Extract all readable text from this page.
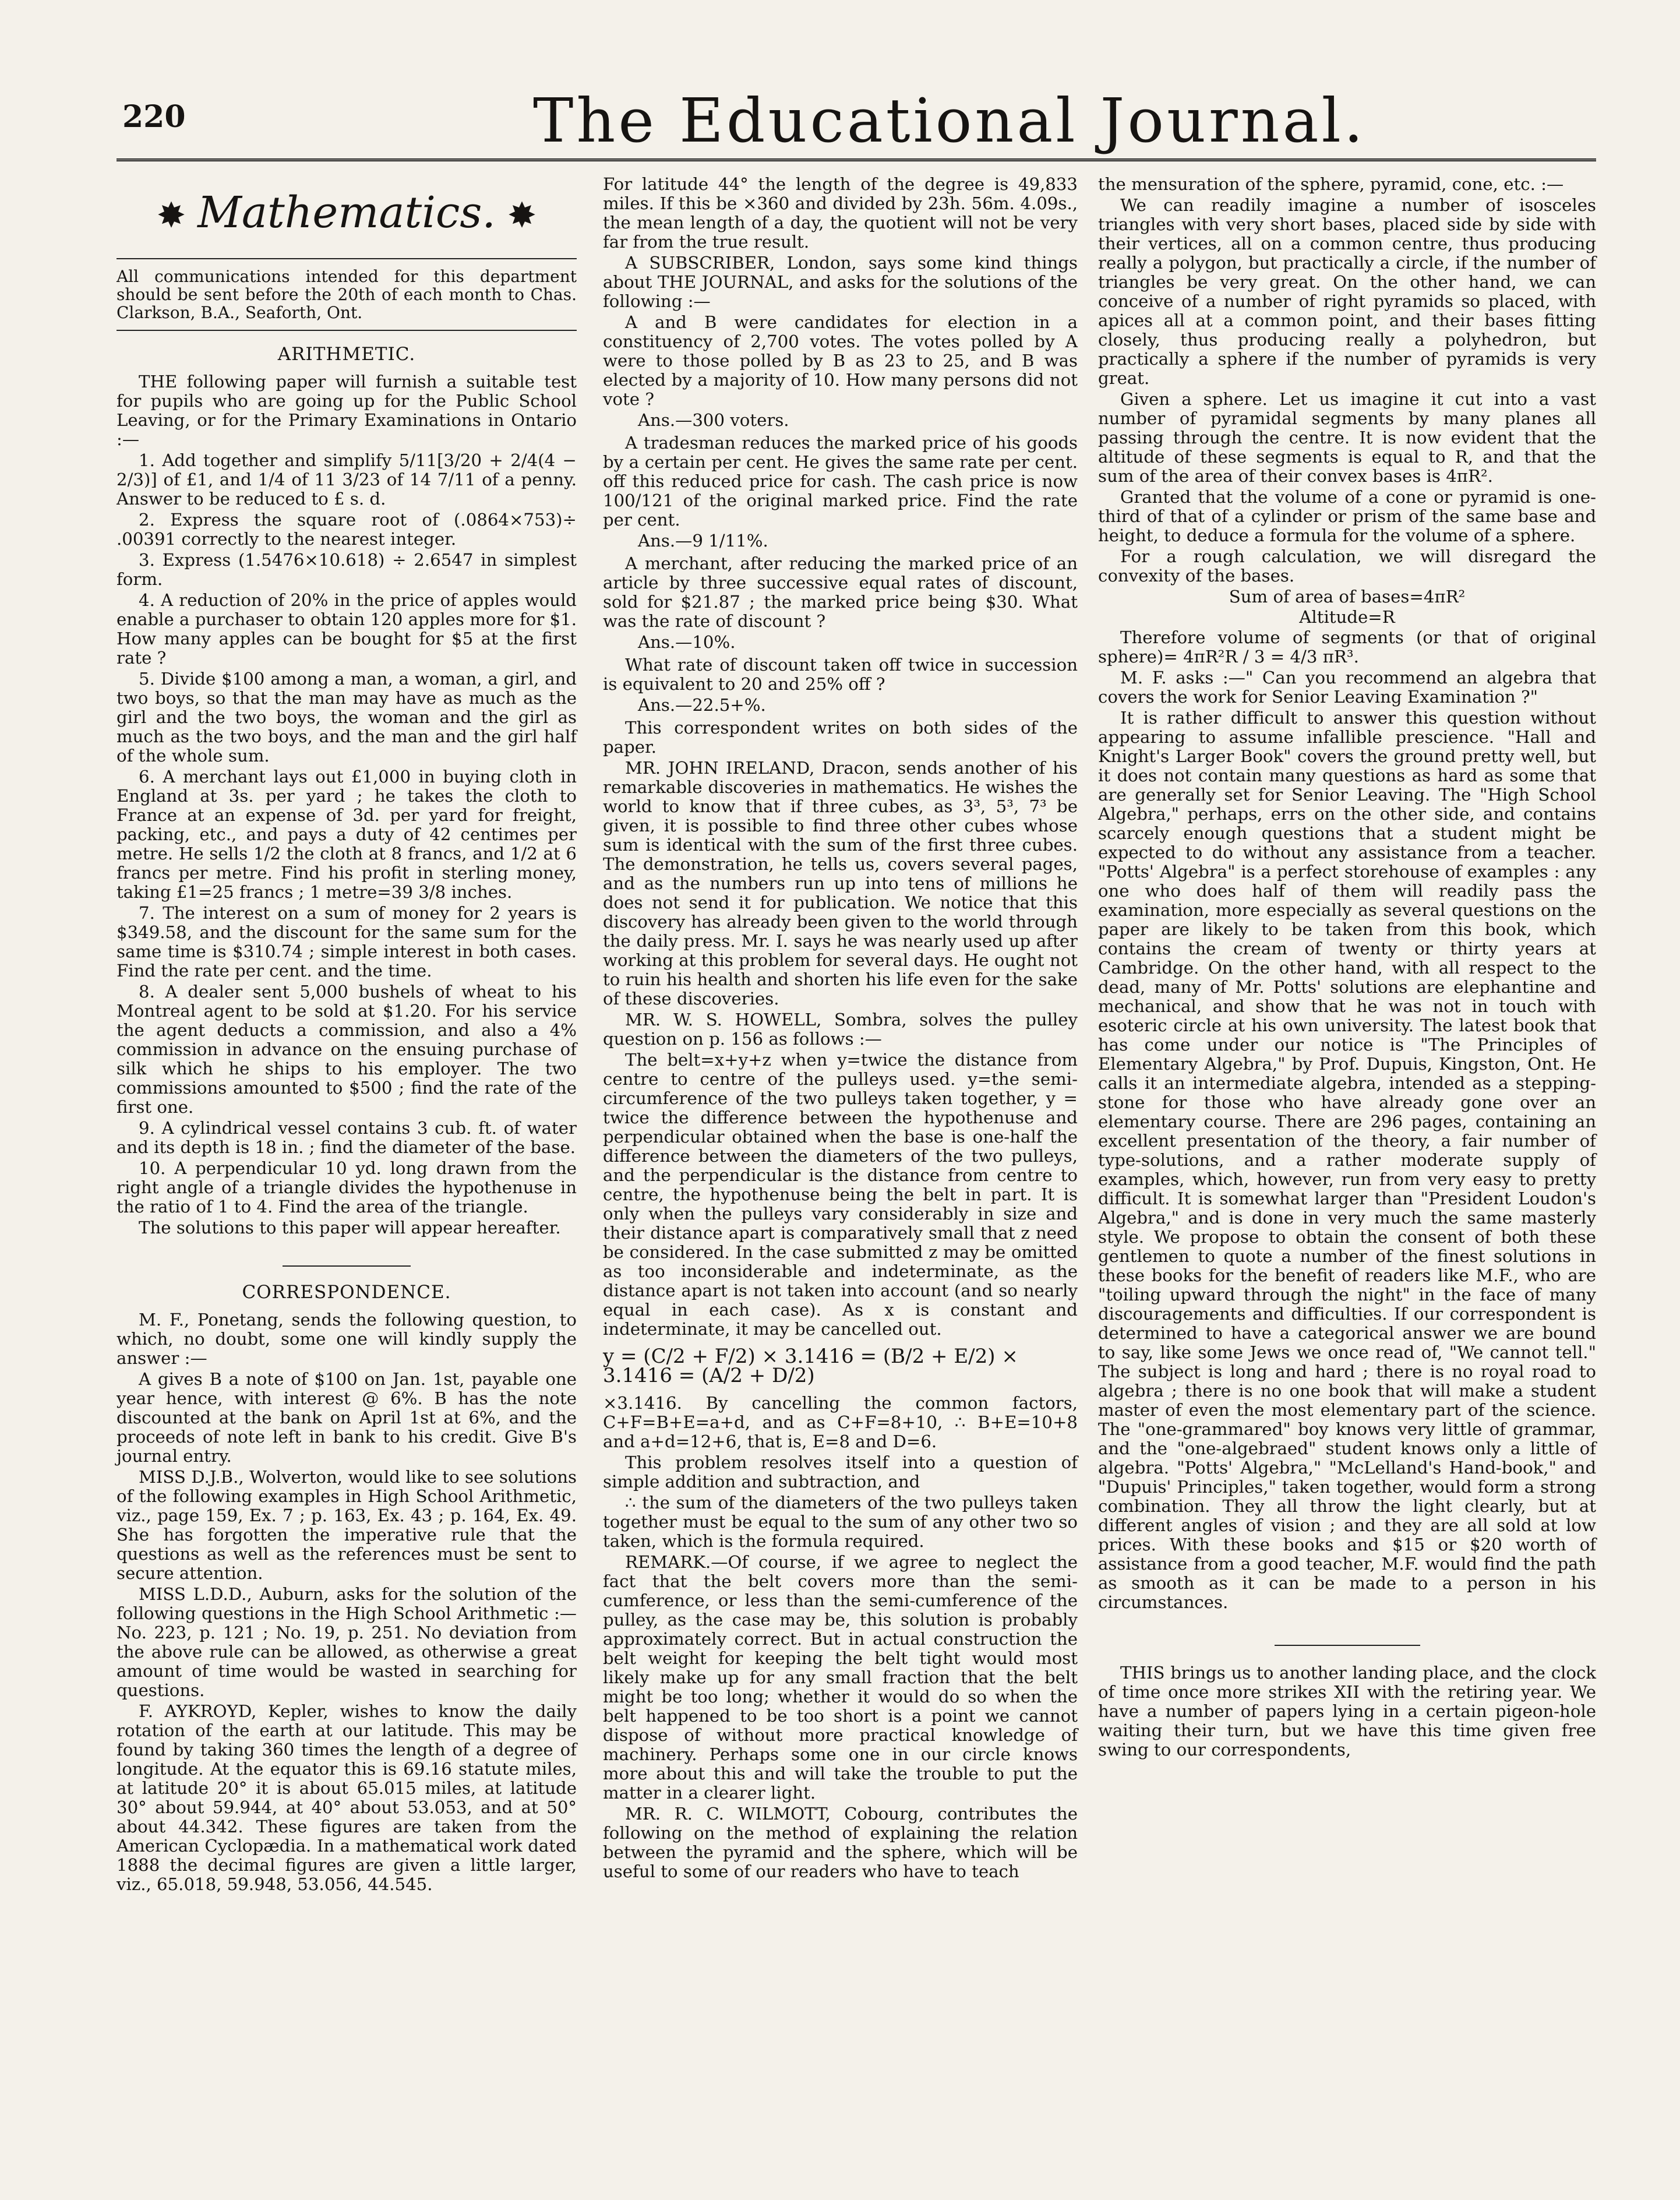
220	The Educational Journal.
✸ Mathematics. ✸

All communications intended for this department should be sent before the 20th of each month to Chas. Clarkson, B.A., Seaforth, Ont.

ARITHMETIC.

THE following paper will furnish a suitable test for pupils who are going up for the Public School Leaving, or for the Primary Examinations in Ontario :—

1. Add together and simplify 5/11[3/20 + 2/4(4 − 2/3)] of £1, and 1/4 of 11 3/23 of 14 7/11 of a penny. Answer to be reduced to £ s. d.

2. Express the square root of (.0864×753)÷ .00391 correctly to the nearest integer.

3. Express (1.5476×10.618) ÷ 2.6547 in simplest form.

4. A reduction of 20% in the price of apples would enable a purchaser to obtain 120 apples more for $1. How many apples can be bought for $5 at the first rate ?

5. Divide $100 among a man, a woman, a girl, and two boys, so that the man may have as much as the girl and the two boys, the woman and the girl as much as the two boys, and the man and the girl half of the whole sum.

6. A merchant lays out £1,000 in buying cloth in England at 3s. per yard ; he takes the cloth to France at an expense of 3d. per yard for freight, packing, etc., and pays a duty of 42 centimes per metre. He sells 1/2 the cloth at 8 francs, and 1/2 at 6 francs per metre. Find his profit in sterling money, taking £1=25 francs ; 1 metre=39 3/8 inches.

7. The interest on a sum of money for 2 years is $349.58, and the discount for the same sum for the same time is $310.74 ; simple interest in both cases. Find the rate per cent. and the time.

8. A dealer sent 5,000 bushels of wheat to his Montreal agent to be sold at $1.20. For his service the agent deducts a commission, and also a 4% commission in advance on the ensuing purchase of silk which he ships to his employer. The two commissions amounted to $500 ; find the rate of the first one.

9. A cylindrical vessel contains 3 cub. ft. of water and its depth is 18 in. ; find the diameter of the base.

10. A perpendicular 10 yd. long drawn from the right angle of a triangle divides the hypothenuse in the ratio of 1 to 4. Find the area of the triangle.

The solutions to this paper will appear hereafter.

CORRESPONDENCE.

M. F., Ponetang, sends the following question, to which, no doubt, some one will kindly supply the answer :—

A gives B a note of $100 on Jan. 1st, payable one year hence, with interest @ 6%. B has the note discounted at the bank on April 1st at 6%, and the proceeds of note left in bank to his credit. Give B's journal entry.

MISS D.J.B., Wolverton, would like to see solutions of the following examples in High School Arithmetic, viz., page 159, Ex. 7 ; p. 163, Ex. 43 ; p. 164, Ex. 49. She has forgotten the imperative rule that the questions as well as the references must be sent to secure attention.

MISS L.D.D., Auburn, asks for the solution of the following questions in the High School Arithmetic :—No. 223, p. 121 ; No. 19, p. 251. No deviation from the above rule can be allowed, as otherwise a great amount of time would be wasted in searching for questions.

F. AYKROYD, Kepler, wishes to know the daily rotation of the earth at our latitude. This may be found by taking 360 times the length of a degree of longitude. At the equator this is 69.16 statute miles, at latitude 20° it is about 65.015 miles, at latitude 30° about 59.944, at 40° about 53.053, and at 50° about 44.342. These figures are taken from the American Cyclopædia. In a mathematical work dated 1888 the decimal figures are given a little larger, viz., 65.018, 59.948, 53.056, 44.545.

For latitude 44° the length of the degree is 49,833 miles. If this be ×360 and divided by 23h. 56m. 4.09s., the mean length of a day, the quotient will not be very far from the true result.

A SUBSCRIBER, London, says some kind things about THE JOURNAL, and asks for the solutions of the following :—

A and B were candidates for election in a constituency of 2,700 votes. The votes polled by A were to those polled by B as 23 to 25, and B was elected by a majority of 10. How many persons did not vote ?

Ans.—300 voters.

A tradesman reduces the marked price of his goods by a certain per cent. He gives the same rate per cent. off this reduced price for cash. The cash price is now 100/121 of the original marked price. Find the rate per cent.

Ans.—9 1/11%.

A merchant, after reducing the marked price of an article by three successive equal rates of discount, sold for $21.87 ; the marked price being $30. What was the rate of discount ?

Ans.—10%.

What rate of discount taken off twice in succession is equivalent to 20 and 25% off ?

Ans.—22.5+%.

This correspondent writes on both sides of the paper.

MR. JOHN IRELAND, Dracon, sends another of his remarkable discoveries in mathematics. He wishes the world to know that if three cubes, as 3³, 5³, 7³ be given, it is possible to find three other cubes whose sum is identical with the sum of the first three cubes. The demonstration, he tells us, covers several pages, and as the numbers run up into tens of millions he does not send it for publication. We notice that this discovery has already been given to the world through the daily press. Mr. I. says he was nearly used up after working at this problem for several days. He ought not to ruin his health and shorten his life even for the sake of these discoveries.

MR. W. S. HOWELL, Sombra, solves the pulley question on p. 156 as follows :—

The belt=x+y+z when y=twice the distance from centre to centre of the pulleys used. y=the semi-circumference of the two pulleys taken together, y = twice the difference between the hypothenuse and perpendicular obtained when the base is one-half the difference between the diameters of the two pulleys, and the perpendicular is the distance from centre to centre, the hypothenuse being the belt in part. It is only when the pulleys vary considerably in size and their distance apart is comparatively small that z need be considered. In the case submitted z may be omitted as too inconsiderable and indeterminate, as the distance apart is not taken into account (and so nearly equal in each case). As x is constant and indeterminate, it may be cancelled out.

y = (C/2 + F/2) × 3.1416 = (B/2 + E/2) × 3.1416 = (A/2 + D/2)

×3.1416. By cancelling the common factors, C+F=B+E=a+d, and as C+F=8+10, ∴ B+E=10+8 and a+d=12+6, that is, E=8 and D=6.

This problem resolves itself into a question of simple addition and subtraction, and

∴ the sum of the diameters of the two pulleys taken together must be equal to the sum of any other two so taken, which is the formula required.

REMARK.—Of course, if we agree to neglect the fact that the belt covers more than the semi-cumference, or less than the semi-cumference of the pulley, as the case may be, this solution is probably approximately correct. But in actual construction the belt weight for keeping the belt tight would most likely make up for any small fraction that the belt might be too long; whether it would do so when the belt happened to be too short is a point we cannot dispose of without more practical knowledge of machinery. Perhaps some one in our circle knows more about this and will take the trouble to put the matter in a clearer light.

MR. R. C. WILMOTT, Cobourg, contributes the following on the method of explaining the relation between the pyramid and the sphere, which will be useful to some of our readers who have to teach

the mensuration of the sphere, pyramid, cone, etc. :—

We can readily imagine a number of isosceles triangles with very short bases, placed side by side with their vertices, all on a common centre, thus producing really a polygon, but practically a circle, if the number of triangles be very great. On the other hand, we can conceive of a number of right pyramids so placed, with apices all at a common point, and their bases fitting closely, thus producing really a polyhedron, but practically a sphere if the number of pyramids is very great.

Given a sphere. Let us imagine it cut into a vast number of pyramidal segments by many planes all passing through the centre. It is now evident that the altitude of these segments is equal to R, and that the sum of the area of their convex bases is 4πR².

Granted that the volume of a cone or pyramid is one-third of that of a cylinder or prism of the same base and height, to deduce a formula for the volume of a sphere.

For a rough calculation, we will disregard the convexity of the bases.

Sum of area of bases=4πR²

Altitude=R

Therefore volume of segments (or that of original sphere)= 4πR²R / 3 = 4/3 πR³.

M. F. asks :—" Can you recommend an algebra that covers the work for Senior Leaving Examination ?"

It is rather difficult to answer this question without appearing to assume infallible prescience. "Hall and Knight's Larger Book" covers the ground pretty well, but it does not contain many questions as hard as some that are generally set for Senior Leaving. The "High School Algebra," perhaps, errs on the other side, and contains scarcely enough questions that a student might be expected to do without any assistance from a teacher. "Potts' Algebra" is a perfect storehouse of examples : any one who does half of them will readily pass the examination, more especially as several questions on the paper are likely to be taken from this book, which contains the cream of twenty or thirty years at Cambridge. On the other hand, with all respect to the dead, many of Mr. Potts' solutions are elephantine and mechanical, and show that he was not in touch with esoteric circle at his own university. The latest book that has come under our notice is "The Principles of Elementary Algebra," by Prof. Dupuis, Kingston, Ont. He calls it an intermediate algebra, intended as a stepping-stone for those who have already gone over an elementary course. There are 296 pages, containing an excellent presentation of the theory, a fair number of type-solutions, and a rather moderate supply of examples, which, however, run from very easy to pretty difficult. It is somewhat larger than "President Loudon's Algebra," and is done in very much the same masterly style. We propose to obtain the consent of both these gentlemen to quote a number of the finest solutions in these books for the benefit of readers like M.F., who are "toiling upward through the night" in the face of many discouragements and difficulties. If our correspondent is determined to have a categorical answer we are bound to say, like some Jews we once read of, "We cannot tell." The subject is long and hard ; there is no royal road to algebra ; there is no one book that will make a student master of even the most elementary part of the science. The "one-grammared" boy knows very little of grammar, and the "one-algebraed" student knows only a little of algebra. "Potts' Algebra," "McLelland's Hand-book," and "Dupuis' Principles," taken together, would form a strong combination. They all throw the light clearly, but at different angles of vision ; and they are all sold at low prices. With these books and $15 or $20 worth of assistance from a good teacher, M.F. would find the path as smooth as it can be made to a person in his circumstances.

THIS brings us to another landing place, and the clock of time once more strikes XII with the retiring year. We have a number of papers lying in a certain pigeon-hole waiting their turn, but we have this time given free swing to our correspondents,
